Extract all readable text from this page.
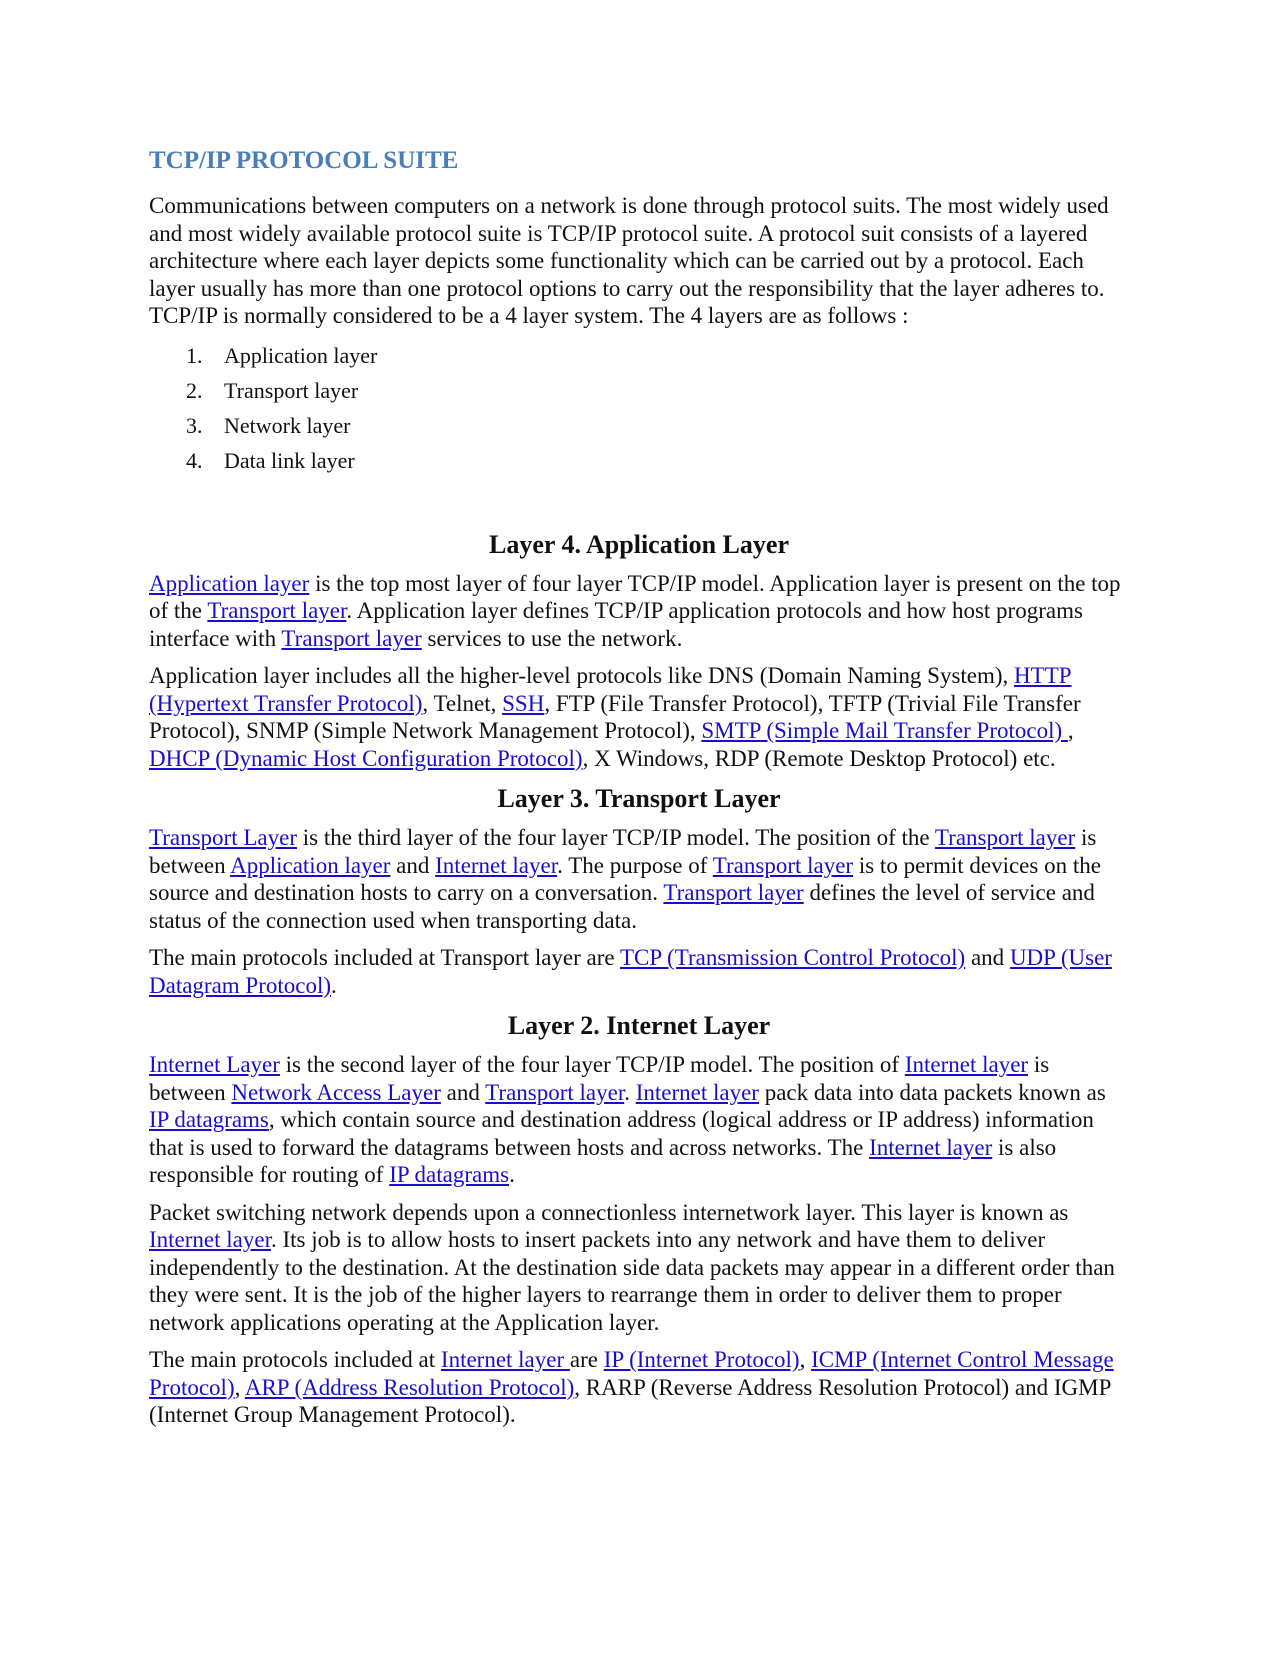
TCP/IP PROTOCOL SUITE

Communications between computers on a network is done through protocol suits. The most widely used and most widely available protocol suite is TCP/IP protocol suite. A protocol suit consists of a layered architecture where each layer depicts some functionality which can be carried out by a protocol. Each layer usually has more than one protocol options to carry out the responsibility that the layer adheres to. TCP/IP is normally considered to be a 4 layer system. The 4 layers are as follows :

1. Application layer
2. Transport layer
3. Network layer
4. Data link layer
Layer 4. Application Layer

Application layer is the top most layer of four layer TCP/IP model. Application layer is present on the top of the Transport layer. Application layer defines TCP/IP application protocols and how host programs interface with Transport layer services to use the network.

Application layer includes all the higher-level protocols like DNS (Domain Naming System), HTTP (Hypertext Transfer Protocol), Telnet, SSH, FTP (File Transfer Protocol), TFTP (Trivial File Transfer Protocol), SNMP (Simple Network Management Protocol), SMTP (Simple Mail Transfer Protocol) , DHCP (Dynamic Host Configuration Protocol), X Windows, RDP (Remote Desktop Protocol) etc.

Layer 3. Transport Layer

Transport Layer is the third layer of the four layer TCP/IP model. The position of the Transport layer is between Application layer and Internet layer. The purpose of Transport layer is to permit devices on the source and destination hosts to carry on a conversation. Transport layer defines the level of service and status of the connection used when transporting data.

The main protocols included at Transport layer are TCP (Transmission Control Protocol) and UDP (User Datagram Protocol).

Layer 2. Internet Layer

Internet Layer is the second layer of the four layer TCP/IP model. The position of Internet layer is between Network Access Layer and Transport layer. Internet layer pack data into data packets known as IP datagrams, which contain source and destination address (logical address or IP address) information that is used to forward the datagrams between hosts and across networks. The Internet layer is also responsible for routing of IP datagrams.

Packet switching network depends upon a connectionless internetwork layer. This layer is known as Internet layer. Its job is to allow hosts to insert packets into any network and have them to deliver independently to the destination. At the destination side data packets may appear in a different order than they were sent. It is the job of the higher layers to rearrange them in order to deliver them to proper network applications operating at the Application layer.

The main protocols included at Internet layer are IP (Internet Protocol), ICMP (Internet Control Message Protocol), ARP (Address Resolution Protocol), RARP (Reverse Address Resolution Protocol) and IGMP (Internet Group Management Protocol).
